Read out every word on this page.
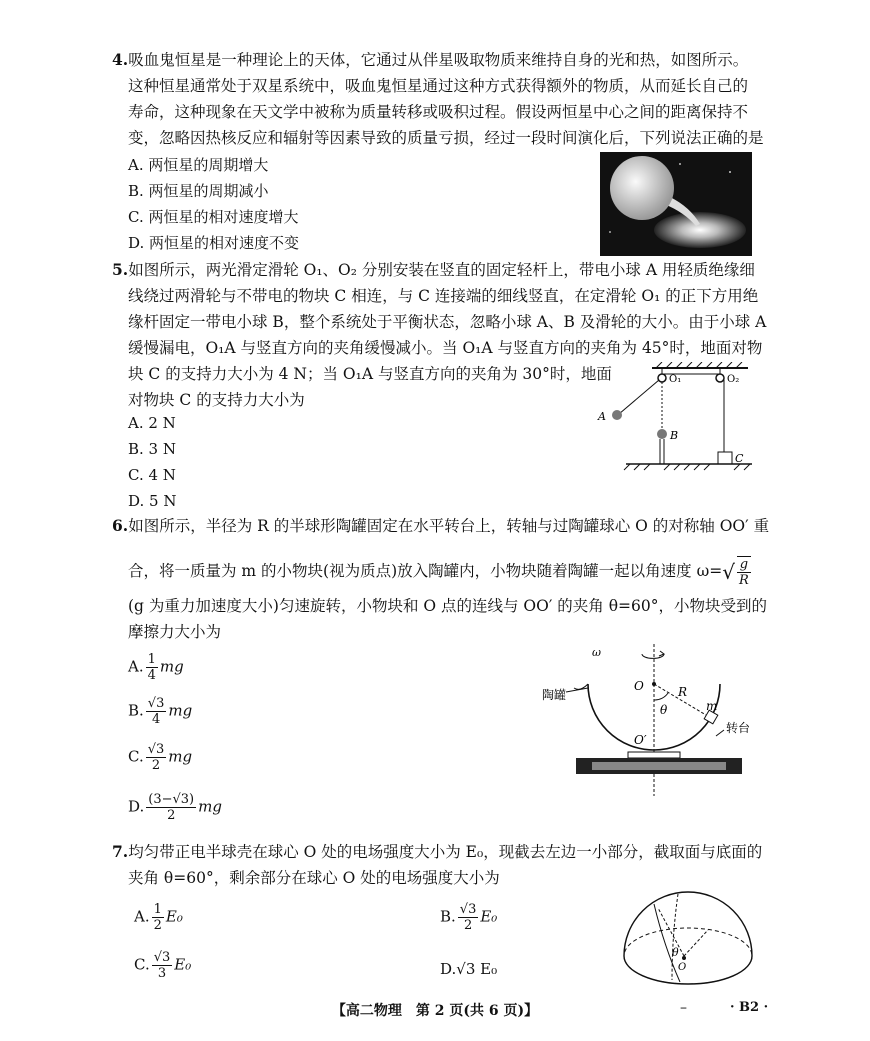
4.吸血鬼恒星是一种理论上的天体，它通过从伴星吸取物质来维持自身的光和热，如图所示。
这种恒星通常处于双星系统中，吸血鬼恒星通过这种方式获得额外的物质，从而延长自己的
寿命，这种现象在天文学中被称为质量转移或吸积过程。假设两恒星中心之间的距离保持不
变，忽略因热核反应和辐射等因素导致的质量亏损，经过一段时间演化后，下列说法正确的是
A. 两恒星的周期增大
B. 两恒星的周期减小
C. 两恒星的相对速度增大
D. 两恒星的相对速度不变
5.如图所示，两光滑定滑轮 O₁、O₂ 分别安装在竖直的固定轻杆上，带电小球 A 用轻质绝缘细
线绕过两滑轮与不带电的物块 C 相连，与 C 连接端的细线竖直，在定滑轮 O₁ 的正下方用绝
缘杆固定一带电小球 B，整个系统处于平衡状态，忽略小球 A、B 及滑轮的大小。由于小球 A
缓慢漏电，O₁A 与竖直方向的夹角缓慢减小。当 O₁A 与竖直方向的夹角为 45°时，地面对物
块 C 的支持力大小为 4 N；当 O₁A 与竖直方向的夹角为 30°时，地面
对物块 C 的支持力大小为
A. 2 N
B. 3 N
C. 4 N
D. 5 N
O₁	O₂
A
B
C
6.如图所示，半径为 R 的半球形陶罐固定在水平转台上，转轴与过陶罐球心 O 的对称轴 OO′ 重
合，将一质量为 m 的小物块(视为质点)放入陶罐内，小物块随着陶罐一起以角速度 $\omega=√ \frac{g}{R}$
(g 为重力加速度大小)匀速旋转，小物块和 O 点的连线与 OO′ 的夹角 θ=60°，小物块受到的
摩擦力大小为
A. $\frac{1}{4}$ mg
B. $\frac{√3}{4}$ mg
C. $\frac{√3}{2}$ mg
D. $\frac{(3-√3)}{2}$ mg
ω
陶罐
O	R
θ	m
转台
O′
7.均匀带正电半球壳在球心 O 处的电场强度大小为 E₀，现截去左边一小部分，截取面与底面的
夹角 θ=60°，剩余部分在球心 O 处的电场强度大小为
A. $\frac{1}{2} E_0$	B. $\frac{√3}{2} E_0$
C. $\frac{√3}{3} E_0$	D.√3 E₀
θ
O
【高二物理　第 2 页(共 6 页)】	–	· B2 ·
